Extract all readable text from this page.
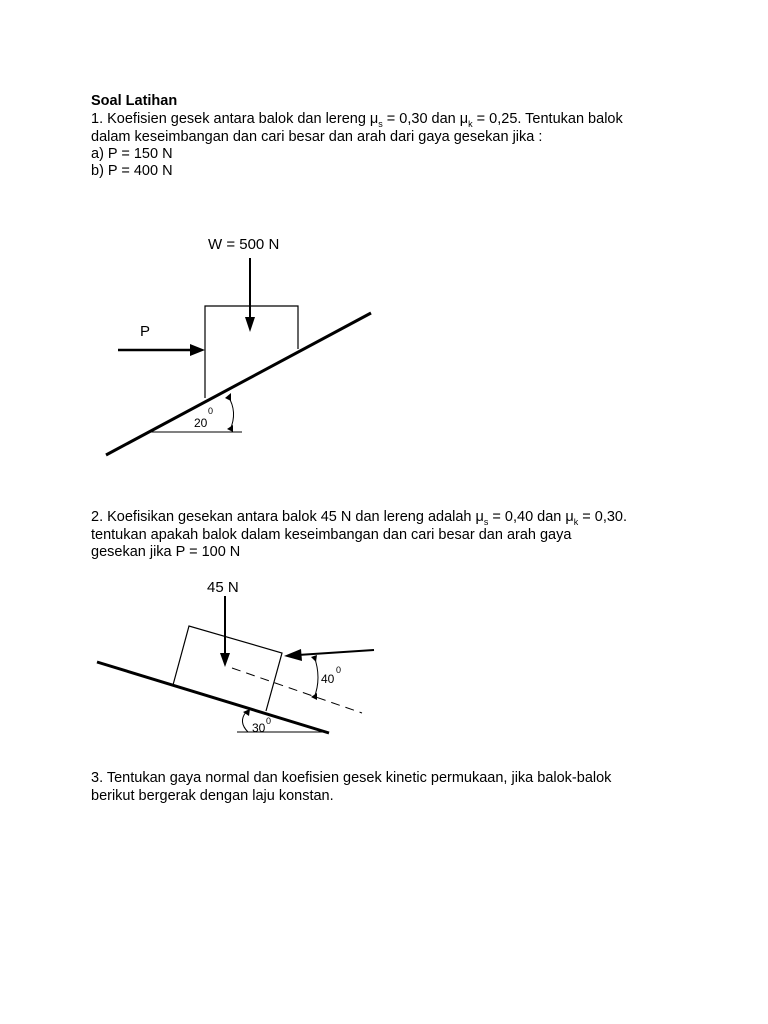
Soal Latihan
1. Koefisien gesek antara balok dan lereng $\mu_s = 0,30$ dan $\mu_k = 0,25$. Tentukan balok
dalam keseimbangan dan cari besar dan arah dari gaya gesekan jika :
a) P = 150 N
b) P = 400 N
2. Koefisikan gesekan antara balok 45 N dan lereng adalah $\mu_s = 0,40$ dan $\mu_k = 0,30$.
tentukan apakah balok dalam keseimbangan dan cari besar dan arah gaya
gesekan jika P = 100 N
3. Tentukan gaya normal dan koefisien gesek kinetic permukaan, jika balok-balok
berikut bergerak dengan laju konstan.
W = 500 N
P
20
0
45 N
40
0
30 0
